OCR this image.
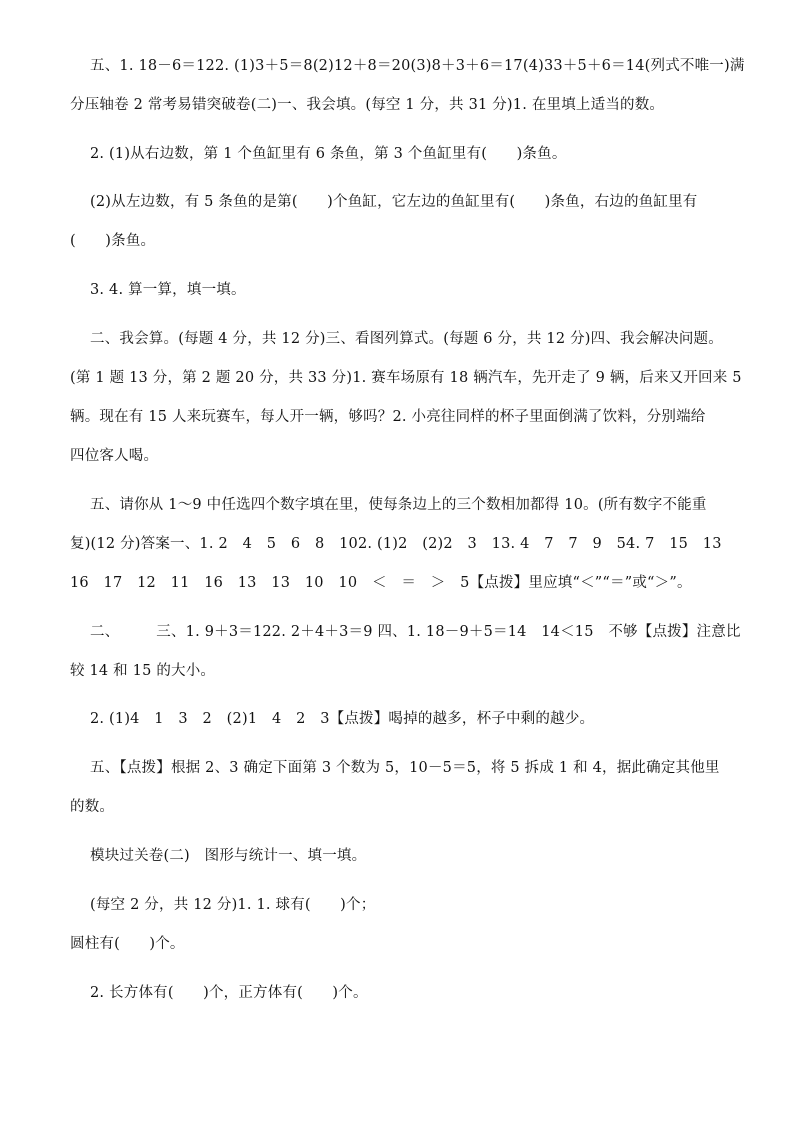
五、1. 18－6＝122. (1)3＋5＝8(2)12＋8＝20(3)8＋3＋6＝17(4)33＋5＋6＝14(列式不唯一)满
分压轴卷 2 常考易错突破卷(二)一、我会填。(每空 1 分，共 31 分)1. 在里填上适当的数。
2. (1)从右边数，第 1 个鱼缸里有 6 条鱼，第 3 个鱼缸里有(　　)条鱼。
(2)从左边数，有 5 条鱼的是第(　　)个鱼缸，它左边的鱼缸里有(　　)条鱼，右边的鱼缸里有
(　　)条鱼。
3. 4. 算一算，填一填。
二、我会算。(每题 4 分，共 12 分)三、看图列算式。(每题 6 分，共 12 分)四、我会解决问题。
(第 1 题 13 分，第 2 题 20 分，共 33 分)1. 赛车场原有 18 辆汽车，先开走了 9 辆，后来又开回来 5
辆。现在有 15 人来玩赛车，每人开一辆，够吗？2. 小亮往同样的杯子里面倒满了饮料，分别端给
四位客人喝。
五、请你从 1～9 中任选四个数字填在里，使每条边上的三个数相加都得 10。(所有数字不能重
复)(12 分)答案一、1. 2　4　5　6　8　102. (1)2　(2)2　3　13. 4　7　7　9　54. 7　15　13
16　17　12　11　16　13　13　10　10　＜　＝　＞　5【点拨】里应填“＜”“＝”或“＞”。
二、　　　三、1. 9＋3＝122. 2＋4＋3＝9 四、1. 18－9＋5＝14　14＜15　不够【点拨】注意比
较 14 和 15 的大小。
2. (1)4　1　3　2　(2)1　4　2　3【点拨】喝掉的越多，杯子中剩的越少。
五、【点拨】根据 2、3 确定下面第 3 个数为 5，10－5＝5，将 5 拆成 1 和 4，据此确定其他里
的数。
模块过关卷(二)　图形与统计一、填一填。
(每空 2 分，共 12 分)1. 1. 球有(　　)个；
圆柱有(　　)个。
2. 长方体有(　　)个，正方体有(　　)个。
